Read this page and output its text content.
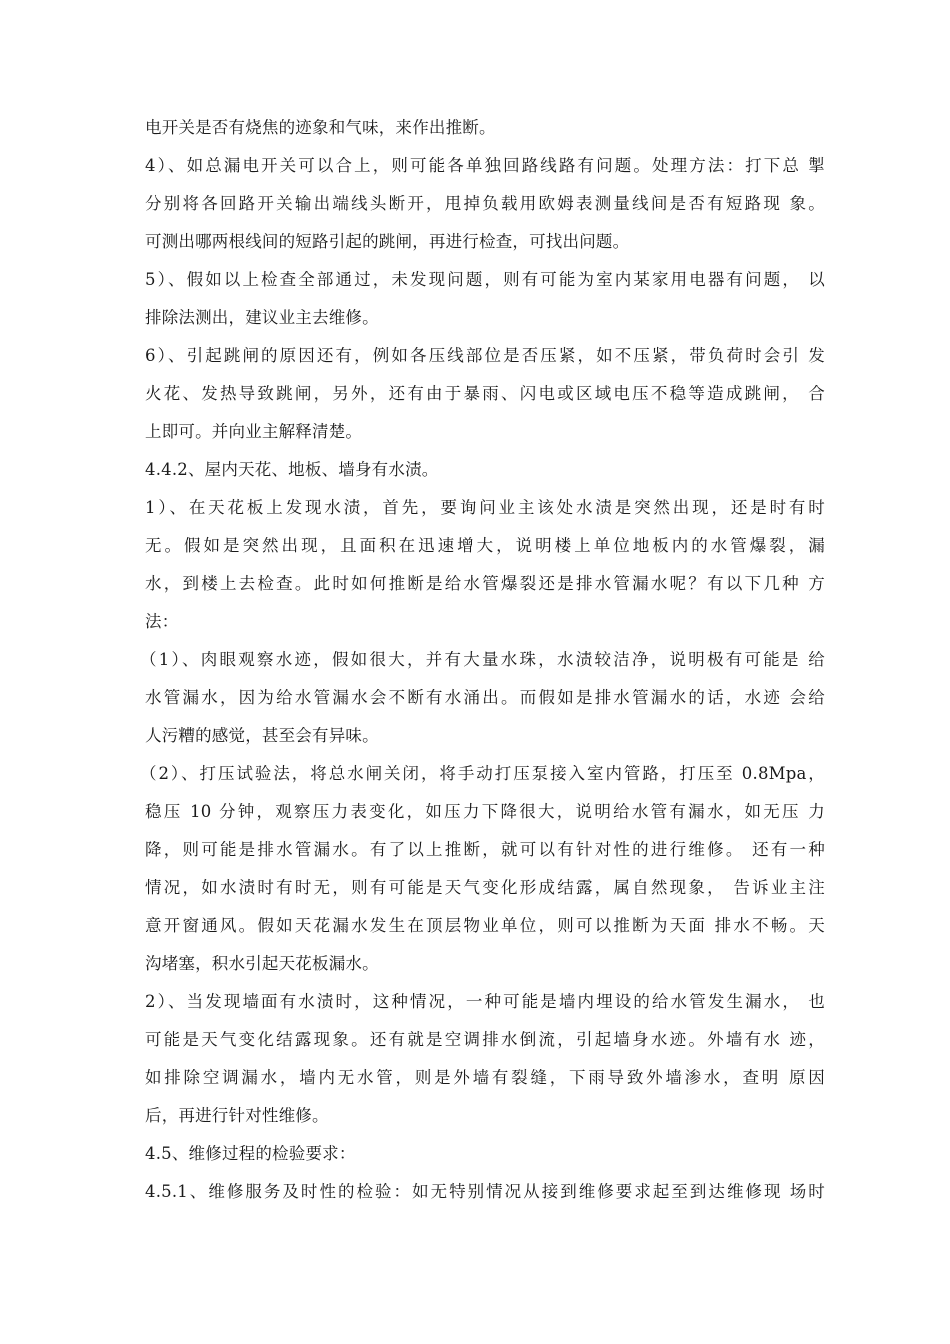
电开关是否有烧焦的迹象和气味，来作出推断。
4）、如总漏电开关可以合上，则可能各单独回路线路有问题。处理方法：打下总 掣
分别将各回路开关输出端线头断开，甩掉负载用欧姆表测量线间是否有短路现 象。
可测出哪两根线间的短路引起的跳闸，再进行检查，可找出问题。
5）、假如以上检查全部通过，未发现问题，则有可能为室内某家用电器有问题， 以
排除法测出，建议业主去维修。
6）、引起跳闸的原因还有，例如各压线部位是否压紧，如不压紧，带负荷时会引 发
火花、发热导致跳闸，另外，还有由于暴雨、闪电或区域电压不稳等造成跳闸， 合
上即可。并向业主解释清楚。
4.4.2、屋内天花、地板、墙身有水渍。
1）、在天花板上发现水渍，首先，要询问业主该处水渍是突然出现，还是时有时
无。假如是突然出现，且面积在迅速增大，说明楼上单位地板内的水管爆裂，漏
水，到楼上去检查。此时如何推断是给水管爆裂还是排水管漏水呢？有以下几种 方
法：
（1）、肉眼观察水迹，假如很大，并有大量水珠，水渍较洁净，说明极有可能是 给
水管漏水，因为给水管漏水会不断有水涌出。而假如是排水管漏水的话，水迹 会给
人污糟的感觉，甚至会有异味。
（2）、打压试验法，将总水闸关闭，将手动打压泵接入室内管路，打压至 0.8Mpa，
稳压 10 分钟，观察压力表变化，如压力下降很大，说明给水管有漏水，如无压 力
降，则可能是排水管漏水。有了以上推断，就可以有针对性的进行维修。 还有一种
情况，如水渍时有时无，则有可能是天气变化形成结露，属自然现象， 告诉业主注
意开窗通风。假如天花漏水发生在顶层物业单位，则可以推断为天面 排水不畅。天
沟堵塞，积水引起天花板漏水。
2）、当发现墙面有水渍时，这种情况，一种可能是墙内埋设的给水管发生漏水， 也
可能是天气变化结露现象。还有就是空调排水倒流，引起墙身水迹。外墙有水 迹，
如排除空调漏水，墙内无水管，则是外墙有裂缝，下雨导致外墙渗水，查明 原因
后，再进行针对性维修。
4.5、维修过程的检验要求：
4.5.1、维修服务及时性的检验：如无特别情况从接到维修要求起至到达维修现 场时
